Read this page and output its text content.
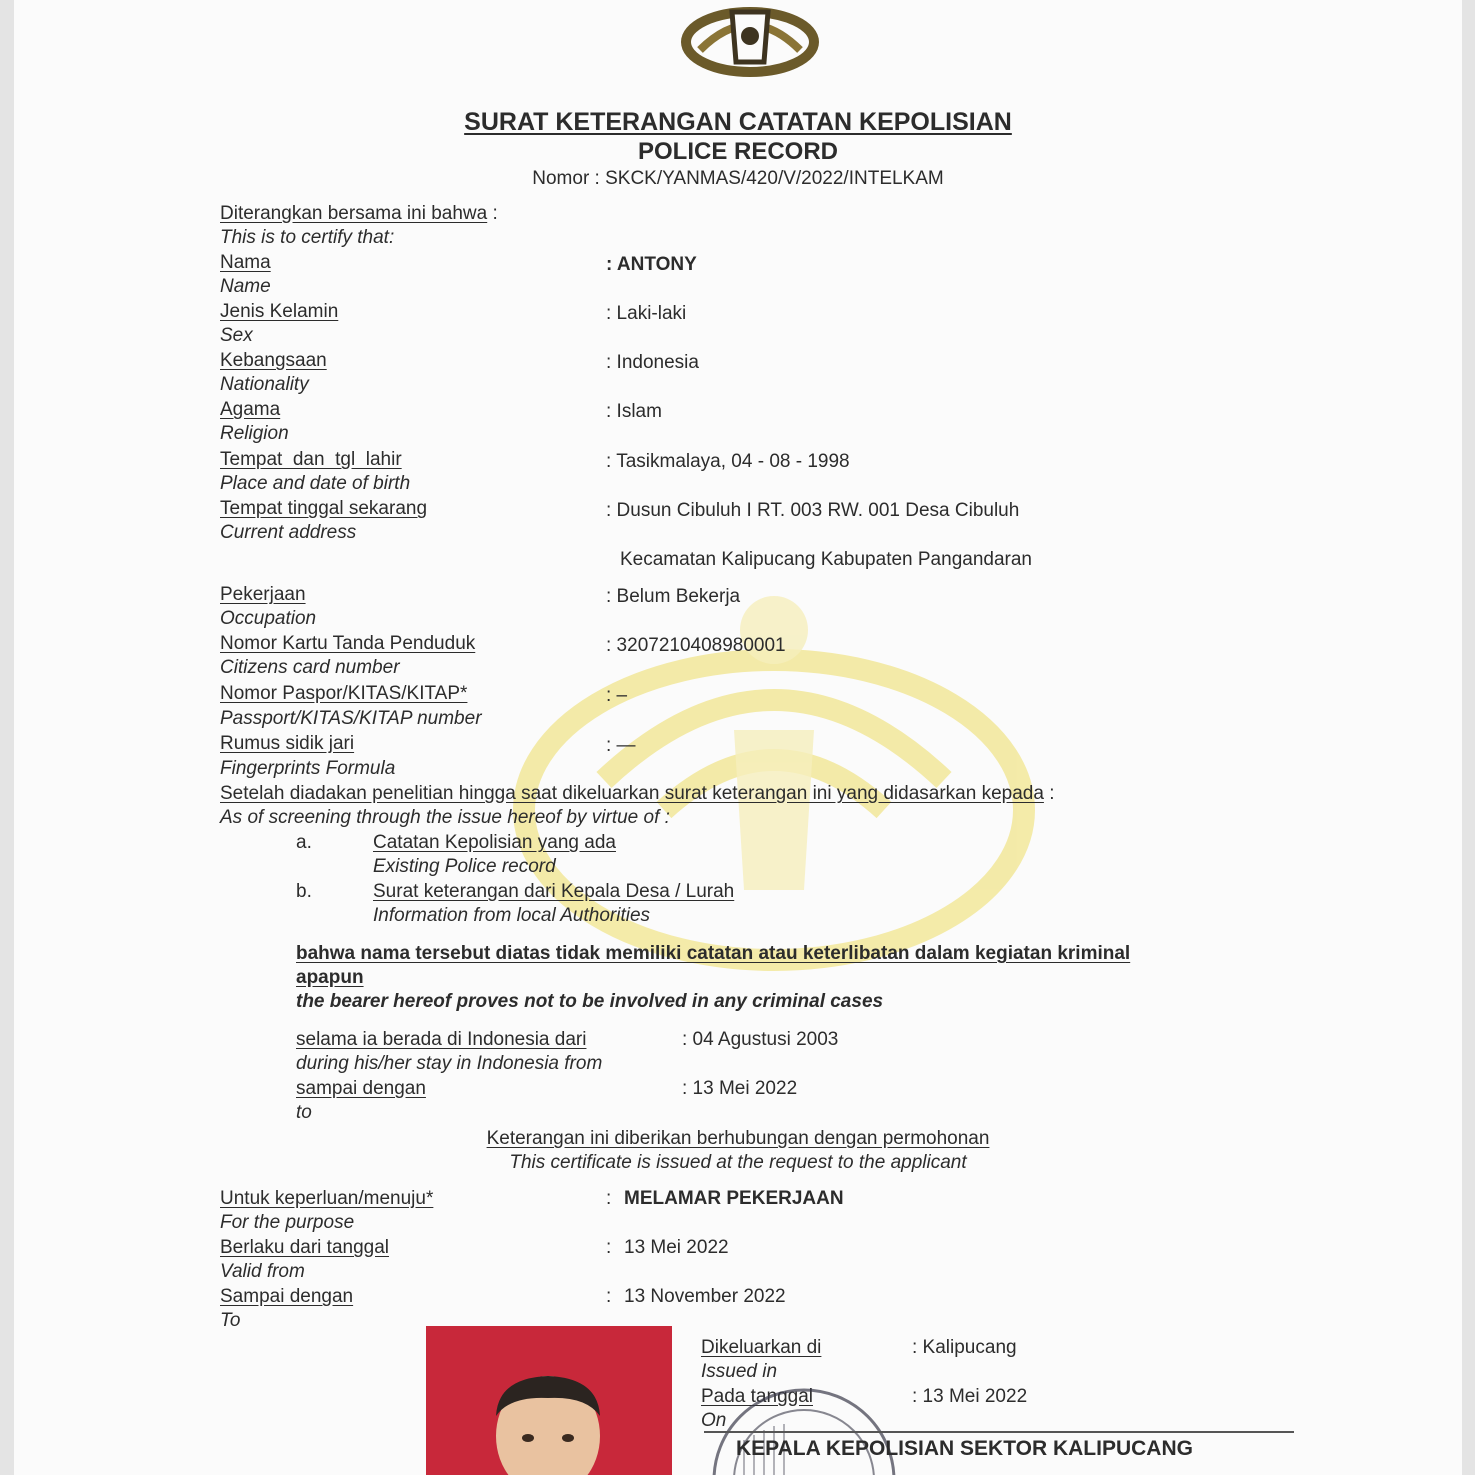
SURAT KETERANGAN CATATAN KEPOLISIAN
POLICE RECORD
Nomor : SKCK/YANMAS/420/V/2022/INTELKAM
Diterangkan bersama ini bahwa :
This is to certify that:
Nama
Name
: ANTONY
Jenis Kelamin
Sex
: Laki-laki
Kebangsaan
Nationality
: Indonesia
Agama
Religion
: Islam
Tempat  dan  tgl  lahir
Place and date of birth
: Tasikmalaya, 04 - 08 - 1998
Tempat tinggal sekarang
Current address
: Dusun Cibuluh I RT. 003 RW. 001 Desa Cibuluh
Kecamatan Kalipucang Kabupaten Pangandaran
Pekerjaan
Occupation
: Belum Bekerja
Nomor Kartu Tanda Penduduk
Citizens card number
: 3207210408980001
Nomor Paspor/KITAS/KITAP*
Passport/KITAS/KITAP number
: –
Rumus sidik jari
Fingerprints Formula
: —
Setelah diadakan penelitian hingga saat dikeluarkan surat keterangan ini yang didasarkan kepada :
As of screening through the issue hereof by virtue of :
a.	Catatan Kepolisian yang ada
Existing Police record
b.	Surat keterangan dari Kepala Desa / Lurah
Information from local Authorities
bahwa nama tersebut diatas tidak memiliki catatan atau keterlibatan dalam kegiatan kriminal
apapun
the bearer hereof proves not to be involved in any criminal cases
selama ia berada di Indonesia dari
during his/her stay in Indonesia from
: 04 Agustusi 2003
sampai dengan
to
: 13 Mei 2022
Keterangan ini diberikan berhubungan dengan permohonan
This certificate is issued at the request to the applicant
Untuk keperluan/menuju*
For the purpose
: MELAMAR PEKERJAAN
Berlaku dari tanggal
Valid from
: 13 Mei 2022
Sampai dengan
To
: 13 November 2022
Dikeluarkan di
Issued in
: Kalipucang
Pada tanggal
On
: 13 Mei 2022
KEPALA KEPOLISIAN SEKTOR KALIPUCANG
